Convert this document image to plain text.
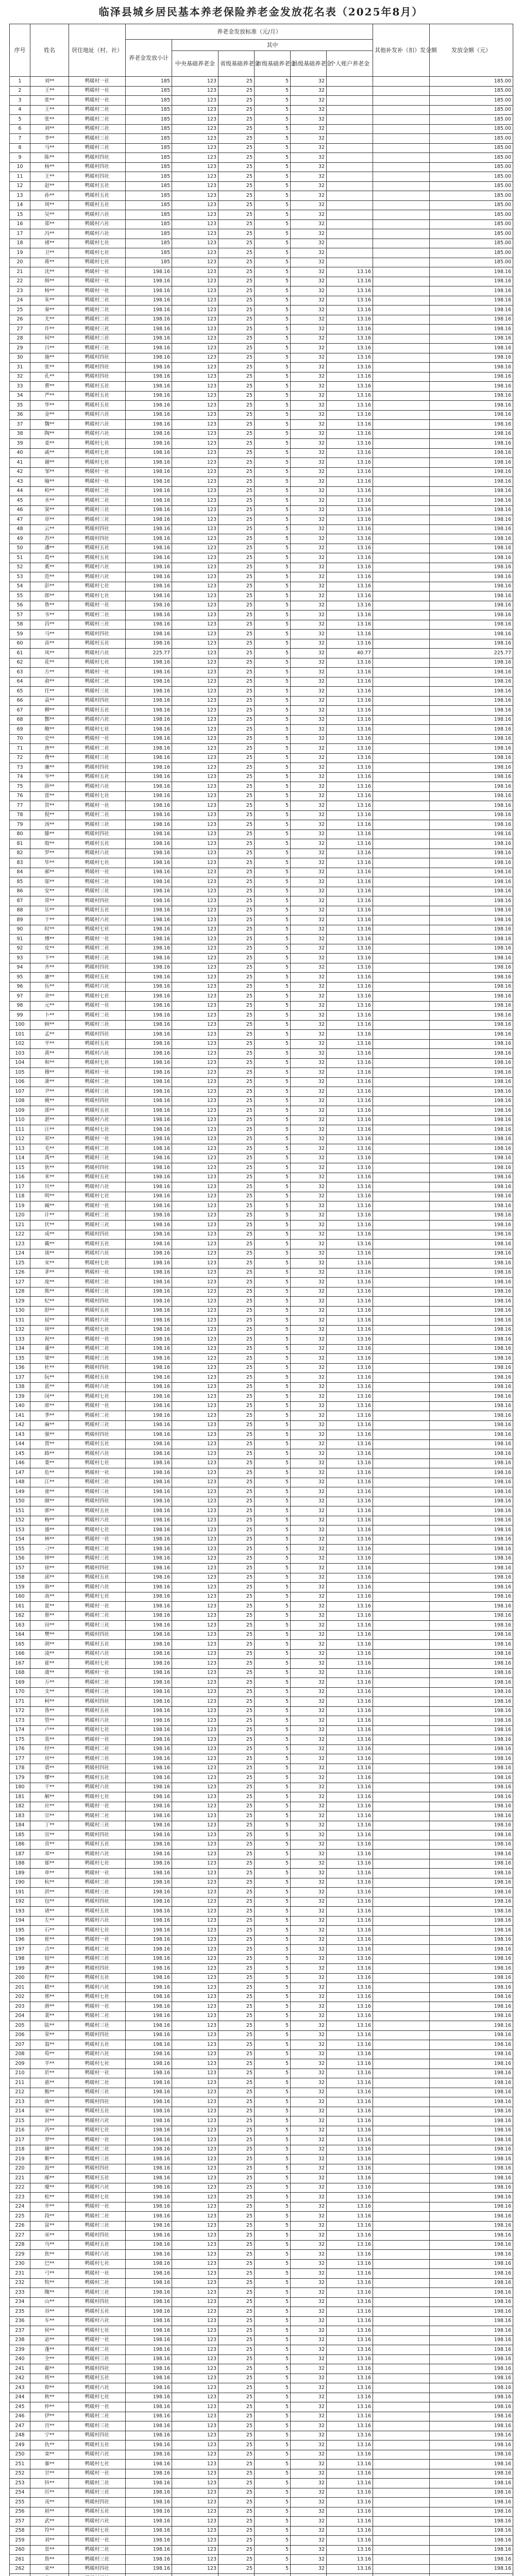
临泽县城乡居民基本养老保险养老金发放花名表（2025年8月）
序号	姓名	居住地址（村、社）	养老金发放标准（元/月）						其他补发补（扣）发金额	发放金额（元）
			养老金发放小计	其中						
				中央基础养老金	省级基础养老金	市级基础养老金	县级基础养老金	个人账户养老金		
1	刘**	鸭暖村一社	185	123	25	5	32			185.00
2	王**	鸭暖村一社	185	123	25	5	32			185.00
3	张**	鸭暖村一社	185	123	25	5	32			185.00
4	王**	鸭暖村二社	185	123	25	5	32			185.00
5	张**	鸭暖村二社	185	123	25	5	32			185.00
6	刘**	鸭暖村三社	185	123	25	5	32			185.00
7	李**	鸭暖村三社	185	123	25	5	32			185.00
8	马**	鸭暖村三社	185	123	25	5	32			185.00
9	陈**	鸭暖村四社	185	123	25	5	32			185.00
10	杨**	鸭暖村四社	185	123	25	5	32			185.00
11	王**	鸭暖村四社	185	123	25	5	32			185.00
12	赵**	鸭暖村五社	185	123	25	5	32			185.00
13	孙**	鸭暖村五社	185	123	25	5	32			185.00
14	周**	鸭暖村五社	185	123	25	5	32			185.00
15	吴**	鸭暖村六社	185	123	25	5	32			185.00
16	郑**	鸭暖村六社	185	123	25	5	32			185.00
17	冯**	鸭暖村六社	185	123	25	5	32			185.00
18	褚**	鸭暖村七社	185	123	25	5	32			185.00
19	卫**	鸭暖村七社	185	123	25	5	32			185.00
20	蒋**	鸭暖村七社	185	123	25	5	32			185.00
21	沈**	鸭暖村一社	198.16	123	25	5	32	13.16		198.16
22	韩**	鸭暖村一社	198.16	123	25	5	32	13.16		198.16
23	杨**	鸭暖村一社	198.16	123	25	5	32	13.16		198.16
24	朱**	鸭暖村二社	198.16	123	25	5	32	13.16		198.16
25	秦**	鸭暖村二社	198.16	123	25	5	32	13.16		198.16
26	尤**	鸭暖村二社	198.16	123	25	5	32	13.16		198.16
27	许**	鸭暖村三社	198.16	123	25	5	32	13.16		198.16
28	何**	鸭暖村三社	198.16	123	25	5	32	13.16		198.16
29	吕**	鸭暖村三社	198.16	123	25	5	32	13.16		198.16
30	施**	鸭暖村四社	198.16	123	25	5	32	13.16		198.16
31	张**	鸭暖村四社	198.16	123	25	5	32	13.16		198.16
32	孔**	鸭暖村四社	198.16	123	25	5	32	13.16		198.16
33	曹**	鸭暖村五社	198.16	123	25	5	32	13.16		198.16
34	严**	鸭暖村五社	198.16	123	25	5	32	13.16		198.16
35	华**	鸭暖村五社	198.16	123	25	5	32	13.16		198.16
36	金**	鸭暖村六社	198.16	123	25	5	32	13.16		198.16
37	魏**	鸭暖村六社	198.16	123	25	5	32	13.16		198.16
38	陶**	鸭暖村六社	198.16	123	25	5	32	13.16		198.16
39	姜**	鸭暖村七社	198.16	123	25	5	32	13.16		198.16
40	戚**	鸭暖村七社	198.16	123	25	5	32	13.16		198.16
41	谢**	鸭暖村七社	198.16	123	25	5	32	13.16		198.16
42	邹**	鸭暖村一社	198.16	123	25	5	32	13.16		198.16
43	喻**	鸭暖村一社	198.16	123	25	5	32	13.16		198.16
44	柏**	鸭暖村二社	198.16	123	25	5	32	13.16		198.16
45	水**	鸭暖村二社	198.16	123	25	5	32	13.16		198.16
46	窦**	鸭暖村三社	198.16	123	25	5	32	13.16		198.16
47	章**	鸭暖村三社	198.16	123	25	5	32	13.16		198.16
48	云**	鸭暖村四社	198.16	123	25	5	32	13.16		198.16
49	苏**	鸭暖村四社	198.16	123	25	5	32	13.16		198.16
50	潘**	鸭暖村五社	198.16	123	25	5	32	13.16		198.16
51	葛**	鸭暖村五社	198.16	123	25	5	32	13.16		198.16
52	奚**	鸭暖村六社	198.16	123	25	5	32	13.16		198.16
53	范**	鸭暖村六社	198.16	123	25	5	32	13.16		198.16
54	彭**	鸭暖村七社	198.16	123	25	5	32	13.16		198.16
55	郎**	鸭暖村七社	198.16	123	25	5	32	13.16		198.16
56	鲁**	鸭暖村一社	198.16	123	25	5	32	13.16		198.16
57	韦**	鸭暖村二社	198.16	123	25	5	32	13.16		198.16
58	昌**	鸭暖村三社	198.16	123	25	5	32	13.16		198.16
59	马**	鸭暖村四社	198.16	123	25	5	32	13.16		198.16
60	苗**	鸭暖村五社	198.16	123	25	5	32	13.16		198.16
61	凤**	鸭暖村六社	225.77	123	25	5	32	40.77		225.77
62	花**	鸭暖村七社	198.16	123	25	5	32	13.16		198.16
63	方**	鸭暖村一社	198.16	123	25	5	32	13.16		198.16
64	俞**	鸭暖村二社	198.16	123	25	5	32	13.16		198.16
65	任**	鸭暖村三社	198.16	123	25	5	32	13.16		198.16
66	袁**	鸭暖村四社	198.16	123	25	5	32	13.16		198.16
67	柳**	鸭暖村五社	198.16	123	25	5	32	13.16		198.16
68	酆**	鸭暖村六社	198.16	123	25	5	32	13.16		198.16
69	鲍**	鸭暖村七社	198.16	123	25	5	32	13.16		198.16
70	史**	鸭暖村一社	198.16	123	25	5	32	13.16		198.16
71	唐**	鸭暖村二社	198.16	123	25	5	32	13.16		198.16
72	费**	鸭暖村三社	198.16	123	25	5	32	13.16		198.16
73	廉**	鸭暖村四社	198.16	123	25	5	32	13.16		198.16
74	岑**	鸭暖村五社	198.16	123	25	5	32	13.16		198.16
75	薛**	鸭暖村六社	198.16	123	25	5	32	13.16		198.16
76	雷**	鸭暖村七社	198.16	123	25	5	32	13.16		198.16
77	贺**	鸭暖村一社	198.16	123	25	5	32	13.16		198.16
78	倪**	鸭暖村二社	198.16	123	25	5	32	13.16		198.16
79	汤**	鸭暖村三社	198.16	123	25	5	32	13.16		198.16
80	滕**	鸭暖村四社	198.16	123	25	5	32	13.16		198.16
81	殷**	鸭暖村五社	198.16	123	25	5	32	13.16		198.16
82	罗**	鸭暖村六社	198.16	123	25	5	32	13.16		198.16
83	毕**	鸭暖村七社	198.16	123	25	5	32	13.16		198.16
84	郝**	鸭暖村一社	198.16	123	25	5	32	13.16		198.16
85	邬**	鸭暖村二社	198.16	123	25	5	32	13.16		198.16
86	安**	鸭暖村三社	198.16	123	25	5	32	13.16		198.16
87	常**	鸭暖村四社	198.16	123	25	5	32	13.16		198.16
88	乐**	鸭暖村五社	198.16	123	25	5	32	13.16		198.16
89	于**	鸭暖村六社	198.16	123	25	5	32	13.16		198.16
90	时**	鸭暖村七社	198.16	123	25	5	32	13.16		198.16
91	傅**	鸭暖村一社	198.16	123	25	5	32	13.16		198.16
92	皮**	鸭暖村二社	198.16	123	25	5	32	13.16		198.16
93	卞**	鸭暖村三社	198.16	123	25	5	32	13.16		198.16
94	齐**	鸭暖村四社	198.16	123	25	5	32	13.16		198.16
95	康**	鸭暖村五社	198.16	123	25	5	32	13.16		198.16
96	伍**	鸭暖村六社	198.16	123	25	5	32	13.16		198.16
97	余**	鸭暖村七社	198.16	123	25	5	32	13.16		198.16
98	元**	鸭暖村一社	198.16	123	25	5	32	13.16		198.16
99	卜**	鸭暖村二社	198.16	123	25	5	32	13.16		198.16
100	顾**	鸭暖村三社	198.16	123	25	5	32	13.16		198.16
101	孟**	鸭暖村四社	198.16	123	25	5	32	13.16		198.16
102	平**	鸭暖村五社	198.16	123	25	5	32	13.16		198.16
103	黄**	鸭暖村六社	198.16	123	25	5	32	13.16		198.16
104	和**	鸭暖村七社	198.16	123	25	5	32	13.16		198.16
105	穆**	鸭暖村一社	198.16	123	25	5	32	13.16		198.16
106	萧**	鸭暖村二社	198.16	123	25	5	32	13.16		198.16
107	尹**	鸭暖村三社	198.16	123	25	5	32	13.16		198.16
108	姚**	鸭暖村四社	198.16	123	25	5	32	13.16		198.16
109	邵**	鸭暖村五社	198.16	123	25	5	32	13.16		198.16
110	湛**	鸭暖村六社	198.16	123	25	5	32	13.16		198.16
111	汪**	鸭暖村七社	198.16	123	25	5	32	13.16		198.16
112	祁**	鸭暖村一社	198.16	123	25	5	32	13.16		198.16
113	毛**	鸭暖村二社	198.16	123	25	5	32	13.16		198.16
114	禹**	鸭暖村三社	198.16	123	25	5	32	13.16		198.16
115	狄**	鸭暖村四社	198.16	123	25	5	32	13.16		198.16
116	米**	鸭暖村五社	198.16	123	25	5	32	13.16		198.16
117	贝**	鸭暖村六社	198.16	123	25	5	32	13.16		198.16
118	明**	鸭暖村七社	198.16	123	25	5	32	13.16		198.16
119	臧**	鸭暖村一社	198.16	123	25	5	32	13.16		198.16
120	计**	鸭暖村二社	198.16	123	25	5	32	13.16		198.16
121	伏**	鸭暖村三社	198.16	123	25	5	32	13.16		198.16
122	成**	鸭暖村四社	198.16	123	25	5	32	13.16		198.16
123	戴**	鸭暖村五社	198.16	123	25	5	32	13.16		198.16
124	谈**	鸭暖村六社	198.16	123	25	5	32	13.16		198.16
125	宋**	鸭暖村七社	198.16	123	25	5	32	13.16		198.16
126	茅**	鸭暖村一社	198.16	123	25	5	32	13.16		198.16
127	庞**	鸭暖村二社	198.16	123	25	5	32	13.16		198.16
128	熊**	鸭暖村三社	198.16	123	25	5	32	13.16		198.16
129	纪**	鸭暖村四社	198.16	123	25	5	32	13.16		198.16
130	舒**	鸭暖村五社	198.16	123	25	5	32	13.16		198.16
131	屈**	鸭暖村六社	198.16	123	25	5	32	13.16		198.16
132	项**	鸭暖村七社	198.16	123	25	5	32	13.16		198.16
133	祝**	鸭暖村一社	198.16	123	25	5	32	13.16		198.16
134	董**	鸭暖村二社	198.16	123	25	5	32	13.16		198.16
135	梁**	鸭暖村三社	198.16	123	25	5	32	13.16		198.16
136	杜**	鸭暖村四社	198.16	123	25	5	32	13.16		198.16
137	阮**	鸭暖村五社	198.16	123	25	5	32	13.16		198.16
138	蓝**	鸭暖村六社	198.16	123	25	5	32	13.16		198.16
139	闵**	鸭暖村七社	198.16	123	25	5	32	13.16		198.16
140	席**	鸭暖村一社	198.16	123	25	5	32	13.16		198.16
141	季**	鸭暖村二社	198.16	123	25	5	32	13.16		198.16
142	麻**	鸭暖村三社	198.16	123	25	5	32	13.16		198.16
143	强**	鸭暖村四社	198.16	123	25	5	32	13.16		198.16
144	贾**	鸭暖村五社	198.16	123	25	5	32	13.16		198.16
145	路**	鸭暖村六社	198.16	123	25	5	32	13.16		198.16
146	娄**	鸭暖村七社	198.16	123	25	5	32	13.16		198.16
147	危**	鸭暖村一社	198.16	123	25	5	32	13.16		198.16
148	江**	鸭暖村二社	198.16	123	25	5	32	13.16		198.16
149	童**	鸭暖村三社	198.16	123	25	5	32	13.16		198.16
150	颜**	鸭暖村四社	198.16	123	25	5	32	13.16		198.16
151	郭**	鸭暖村五社	198.16	123	25	5	32	13.16		198.16
152	梅**	鸭暖村六社	198.16	123	25	5	32	13.16		198.16
153	盛**	鸭暖村七社	198.16	123	25	5	32	13.16		198.16
154	林**	鸭暖村一社	198.16	123	25	5	32	13.16		198.16
155	刁**	鸭暖村二社	198.16	123	25	5	32	13.16		198.16
156	钟**	鸭暖村三社	198.16	123	25	5	32	13.16		198.16
157	徐**	鸭暖村四社	198.16	123	25	5	32	13.16		198.16
158	邱**	鸭暖村五社	198.16	123	25	5	32	13.16		198.16
159	骆**	鸭暖村六社	198.16	123	25	5	32	13.16		198.16
160	高**	鸭暖村七社	198.16	123	25	5	32	13.16		198.16
161	夏**	鸭暖村一社	198.16	123	25	5	32	13.16		198.16
162	蔡**	鸭暖村二社	198.16	123	25	5	32	13.16		198.16
163	田**	鸭暖村三社	198.16	123	25	5	32	13.16		198.16
164	樊**	鸭暖村四社	198.16	123	25	5	32	13.16		198.16
165	胡**	鸭暖村五社	198.16	123	25	5	32	13.16		198.16
166	凌**	鸭暖村六社	198.16	123	25	5	32	13.16		198.16
167	霍**	鸭暖村七社	198.16	123	25	5	32	13.16		198.16
168	虞**	鸭暖村一社	198.16	123	25	5	32	13.16		198.16
169	万**	鸭暖村二社	198.16	123	25	5	32	13.16		198.16
170	支**	鸭暖村三社	198.16	123	25	5	32	13.16		198.16
171	柯**	鸭暖村四社	198.16	123	25	5	32	13.16		198.16
172	昝**	鸭暖村五社	198.16	123	25	5	32	13.16		198.16
173	管**	鸭暖村六社	198.16	123	25	5	32	13.16		198.16
174	卢**	鸭暖村七社	198.16	123	25	5	32	13.16		198.16
175	莫**	鸭暖村一社	198.16	123	25	5	32	13.16		198.16
176	经**	鸭暖村二社	198.16	123	25	5	32	13.16		198.16
177	房**	鸭暖村三社	198.16	123	25	5	32	13.16		198.16
178	裘**	鸭暖村四社	198.16	123	25	5	32	13.16		198.16
179	缪**	鸭暖村五社	198.16	123	25	5	32	13.16		198.16
180	干**	鸭暖村六社	198.16	123	25	5	32	13.16		198.16
181	解**	鸭暖村七社	198.16	123	25	5	32	13.16		198.16
182	应**	鸭暖村一社	198.16	123	25	5	32	13.16		198.16
183	宗**	鸭暖村二社	198.16	123	25	5	32	13.16		198.16
184	丁**	鸭暖村三社	198.16	123	25	5	32	13.16		198.16
185	宣**	鸭暖村四社	198.16	123	25	5	32	13.16		198.16
186	贲**	鸭暖村五社	198.16	123	25	5	32	13.16		198.16
187	邓**	鸭暖村六社	198.16	123	25	5	32	13.16		198.16
188	郁**	鸭暖村七社	198.16	123	25	5	32	13.16		198.16
189	单**	鸭暖村一社	198.16	123	25	5	32	13.16		198.16
190	杭**	鸭暖村二社	198.16	123	25	5	32	13.16		198.16
191	洪**	鸭暖村三社	198.16	123	25	5	32	13.16		198.16
192	包**	鸭暖村四社	198.16	123	25	5	32	13.16		198.16
193	诸**	鸭暖村五社	198.16	123	25	5	32	13.16		198.16
194	左**	鸭暖村六社	198.16	123	25	5	32	13.16		198.16
195	石**	鸭暖村七社	198.16	123	25	5	32	13.16		198.16
196	崔**	鸭暖村一社	198.16	123	25	5	32	13.16		198.16
197	吉**	鸭暖村二社	198.16	123	25	5	32	13.16		198.16
198	钮**	鸭暖村三社	198.16	123	25	5	32	13.16		198.16
199	龚**	鸭暖村四社	198.16	123	25	5	32	13.16		198.16
200	程**	鸭暖村五社	198.16	123	25	5	32	13.16		198.16
201	嵇**	鸭暖村六社	198.16	123	25	5	32	13.16		198.16
202	邢**	鸭暖村七社	198.16	123	25	5	32	13.16		198.16
203	滑**	鸭暖村一社	198.16	123	25	5	32	13.16		198.16
204	裴**	鸭暖村二社	198.16	123	25	5	32	13.16		198.16
205	陆**	鸭暖村三社	198.16	123	25	5	32	13.16		198.16
206	荣**	鸭暖村四社	198.16	123	25	5	32	13.16		198.16
207	翁**	鸭暖村五社	198.16	123	25	5	32	13.16		198.16
208	荀**	鸭暖村六社	198.16	123	25	5	32	13.16		198.16
209	羊**	鸭暖村七社	198.16	123	25	5	32	13.16		198.16
210	於**	鸭暖村一社	198.16	123	25	5	32	13.16		198.16
211	惠**	鸭暖村二社	198.16	123	25	5	32	13.16		198.16
212	甄**	鸭暖村三社	198.16	123	25	5	32	13.16		198.16
213	曲**	鸭暖村四社	198.16	123	25	5	32	13.16		198.16
214	家**	鸭暖村五社	198.16	123	25	5	32	13.16		198.16
215	封**	鸭暖村六社	198.16	123	25	5	32	13.16		198.16
216	芮**	鸭暖村七社	198.16	123	25	5	32	13.16		198.16
217	羿**	鸭暖村一社	198.16	123	25	5	32	13.16		198.16
218	储**	鸭暖村二社	198.16	123	25	5	32	13.16		198.16
219	靳**	鸭暖村三社	198.16	123	25	5	32	13.16		198.16
220	汲**	鸭暖村四社	198.16	123	25	5	32	13.16		198.16
221	邴**	鸭暖村五社	198.16	123	25	5	32	13.16		198.16
222	糜**	鸭暖村六社	198.16	123	25	5	32	13.16		198.16
223	松**	鸭暖村七社	198.16	123	25	5	32	13.16		198.16
224	井**	鸭暖村一社	198.16	123	25	5	32	13.16		198.16
225	段**	鸭暖村二社	198.16	123	25	5	32	13.16		198.16
226	富**	鸭暖村三社	198.16	123	25	5	32	13.16		198.16
227	巫**	鸭暖村四社	198.16	123	25	5	32	13.16		198.16
228	乌**	鸭暖村五社	198.16	123	25	5	32	13.16		198.16
229	焦**	鸭暖村六社	198.16	123	25	5	32	13.16		198.16
230	巴**	鸭暖村七社	198.16	123	25	5	32	13.16		198.16
231	弓**	鸭暖村一社	198.16	123	25	5	32	13.16		198.16
232	牧**	鸭暖村二社	198.16	123	25	5	32	13.16		198.16
233	隗**	鸭暖村三社	198.16	123	25	5	32	13.16		198.16
234	山**	鸭暖村四社	198.16	123	25	5	32	13.16		198.16
235	谷**	鸭暖村五社	198.16	123	25	5	32	13.16		198.16
236	车**	鸭暖村六社	198.16	123	25	5	32	13.16		198.16
237	侯**	鸭暖村七社	198.16	123	25	5	32	13.16		198.16
238	宓**	鸭暖村一社	198.16	123	25	5	32	13.16		198.16
239	蓬**	鸭暖村二社	198.16	123	25	5	32	13.16		198.16
240	全**	鸭暖村三社	198.16	123	25	5	32	13.16		198.16
241	郗**	鸭暖村四社	198.16	123	25	5	32	13.16		198.16
242	班**	鸭暖村五社	198.16	123	25	5	32	13.16		198.16
243	仰**	鸭暖村六社	198.16	123	25	5	32	13.16		198.16
244	秋**	鸭暖村七社	198.16	123	25	5	32	13.16		198.16
245	仲**	鸭暖村一社	198.16	123	25	5	32	13.16		198.16
246	伊**	鸭暖村二社	198.16	123	25	5	32	13.16		198.16
247	宫**	鸭暖村三社	198.16	123	25	5	32	13.16		198.16
248	宁**	鸭暖村四社	198.16	123	25	5	32	13.16		198.16
249	仇**	鸭暖村五社	198.16	123	25	5	32	13.16		198.16
250	栾**	鸭暖村六社	198.16	123	25	5	32	13.16		198.16
251	暴**	鸭暖村七社	198.16	123	25	5	32	13.16		198.16
252	甘**	鸭暖村一社	198.16	123	25	5	32	13.16		198.16
253	钭**	鸭暖村二社	198.16	123	25	5	32	13.16		198.16
254	厉**	鸭暖村三社	198.16	123	25	5	32	13.16		198.16
255	戎**	鸭暖村四社	198.16	123	25	5	32	13.16		198.16
256	祖**	鸭暖村五社	198.16	123	25	5	32	13.16		198.16
257	武**	鸭暖村六社	198.16	123	25	5	32	13.16		198.16
258	符**	鸭暖村七社	198.16	123	25	5	32	13.16		198.16
259	刘**	鸭暖村一社	198.16	123	25	5	32	13.16		198.16
260	景**	鸭暖村二社	198.16	123	25	5	32	13.16		198.16
261	詹**	鸭暖村三社	198.16	123	25	5	32	13.16		198.16
262	束**	鸭暖村四社	198.16	123	25	5	32	13.16		198.16
